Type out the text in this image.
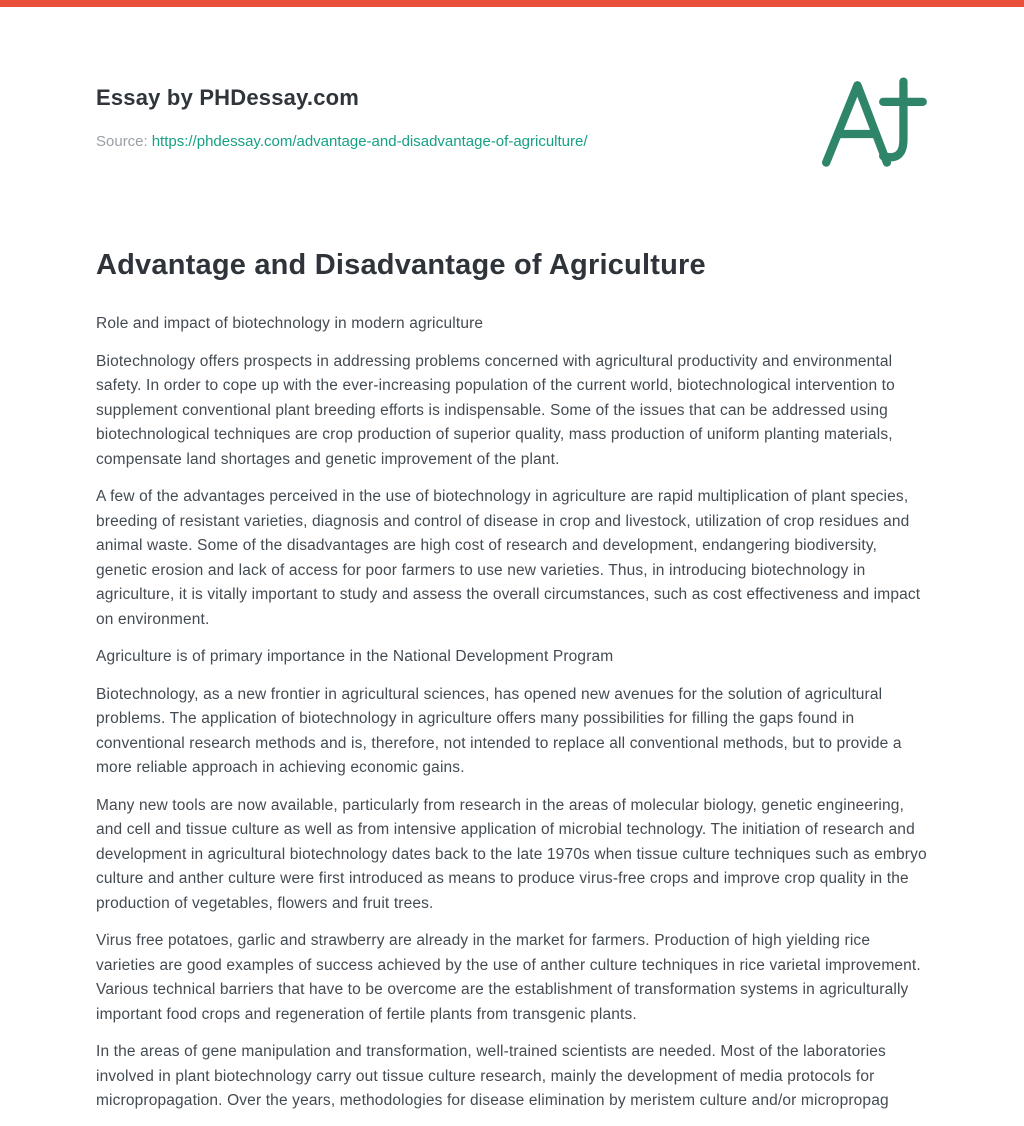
Essay by PHDessay.com
Source: https://phdessay.com/advantage-and-disadvantage-of-agriculture/
Advantage and Disadvantage of Agriculture

Role and impact of biotechnology in modern agriculture

Biotechnology offers prospects in addressing problems concerned with agricultural productivity and environmental safety. In order to cope up with the ever-increasing population of the current world, biotechnological intervention to supplement conventional plant breeding efforts is indispensable. Some of the issues that can be addressed using biotechnological techniques are crop production of superior quality, mass production of uniform planting materials, compensate land shortages and genetic improvement of the plant.

A few of the advantages perceived in the use of biotechnology in agriculture are rapid multiplication of plant species, breeding of resistant varieties, diagnosis and control of disease in crop and livestock, utilization of crop residues and animal waste. Some of the disadvantages are high cost of research and development, endangering biodiversity, genetic erosion and lack of access for poor farmers to use new varieties. Thus, in introducing biotechnology in agriculture, it is vitally important to study and assess the overall circumstances, such as cost effectiveness and impact on environment.

Agriculture is of primary importance in the National Development Program

Biotechnology, as a new frontier in agricultural sciences, has opened new avenues for the solution of agricultural problems. The application of biotechnology in agriculture offers many possibilities for filling the gaps found in conventional research methods and is, therefore, not intended to replace all conventional methods, but to provide a more reliable approach in achieving economic gains.

Many new tools are now available, particularly from research in the areas of molecular biology, genetic engineering, and cell and tissue culture as well as from intensive application of microbial technology. The initiation of research and development in agricultural biotechnology dates back to the late 1970s when tissue culture techniques such as embryo culture and anther culture were first introduced as means to produce virus-free crops and improve crop quality in the production of vegetables, flowers and fruit trees.

Virus free potatoes, garlic and strawberry are already in the market for farmers. Production of high yielding rice varieties are good examples of success achieved by the use of anther culture techniques in rice varietal improvement. Various technical barriers that have to be overcome are the establishment of transformation systems in agriculturally important food crops and regeneration of fertile plants from transgenic plants.

In the areas of gene manipulation and transformation, well-trained scientists are needed. Most of the laboratories involved in plant biotechnology carry out tissue culture research, mainly the development of media protocols for micropropagation. Over the years, methodologies for disease elimination by meristem culture and/or micropropag
